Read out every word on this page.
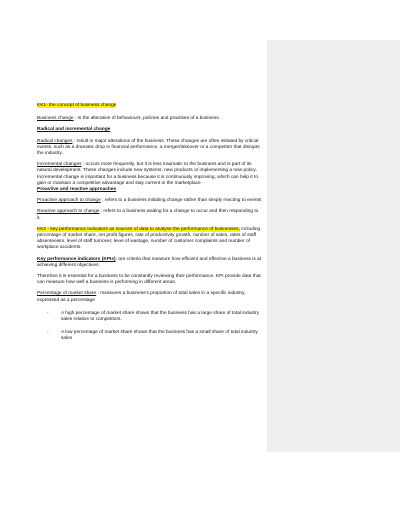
KK1- the concept of business change

Business change : Is the alteration of behaviours, policies and practises of a business.

Radical and incremental change

Radical changes : result in major alterations of the business. These changes are often initiated by critical events, such as a dramatic drop in financial performance, a merger/takeover or a competitor that disrupts the industry.

Incremental changes : occurs more frequently, but it is less traumatic to the business and is part of its natural development. These changes include new systems, new products or implementing a new policy. Incremental change is important for a business because it is continuously improving, which can help it to gain or maintain a competitive advantage and stay current in the marketplace

Proactive and reactive approaches

Proactive approach to change : refers to a business initiating change rather than simply reacting to events

Reactive approach to change : refers to a business waiting for a change to occur and then responding to it.

KK2 - key performance indicators as sources of data to analyse the performance of businesses, including percentage of market share, net profit figures, rate of productivity growth, number of sales, rates of staff absenteeism, level of staff turnover, level of wastage, number of customer complaints and number of workplace accidents.

Key performance indicators (KPIs): are criteria that measure how efficient and effective a business is at achieving different objectives.

Therefore it is essential for a business to be constantly reviewing their performance. KPI provide data that can measure how well a business is performing in different areas.

Percentage of market share : measures a business's proportion of total sales in a specific industry, expressed as a percentage

-	A high percentage of market share shows that the business has a large share of total industry sales relative to competitors.
-	A low percentage of market share shows that the business has a small share of total industry sales
